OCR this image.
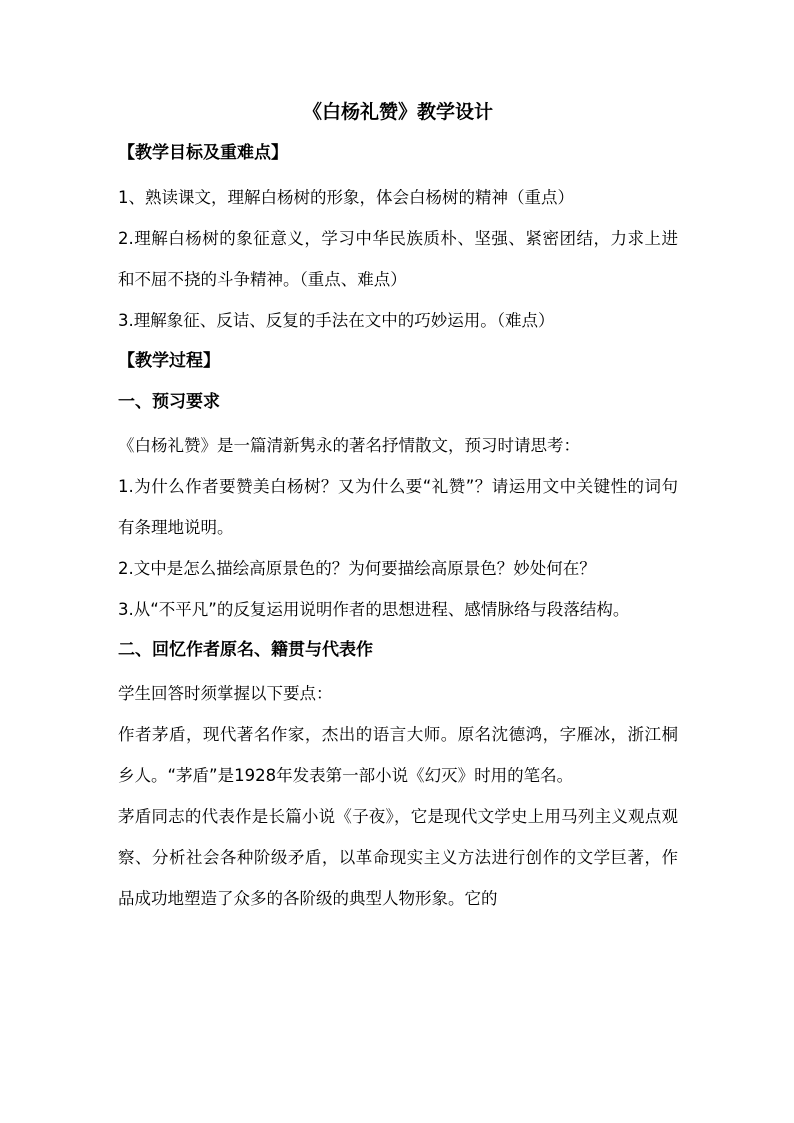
《白杨礼赞》教学设计
【教学目标及重难点】
1、熟读课文，理解白杨树的形象，体会白杨树的精神（重点）
2.理解白杨树的象征意义，学习中华民族质朴、坚强、紧密团结，力求上进和不屈不挠的斗争精神。（重点、难点）
3.理解象征、反诘、反复的手法在文中的巧妙运用。（难点）
【教学过程】
一、预习要求
《白杨礼赞》是一篇清新隽永的著名抒情散文，预习时请思考：
1.为什么作者要赞美白杨树？又为什么要“礼赞”？请运用文中关键性的词句有条理地说明。
2.文中是怎么描绘高原景色的？为何要描绘高原景色？妙处何在？
3.从“不平凡”的反复运用说明作者的思想进程、感情脉络与段落结构。
二、回忆作者原名、籍贯与代表作
学生回答时须掌握以下要点：
作者茅盾，现代著名作家，杰出的语言大师。原名沈德鸿，字雁冰，浙江桐乡人。“茅盾”是1928年发表第一部小说《幻灭》时用的笔名。
茅盾同志的代表作是长篇小说《子夜》，它是现代文学史上用马列主义观点观察、分析社会各种阶级矛盾，以革命现实主义方法进行创作的文学巨著，作品成功地塑造了众多的各阶级的典型人物形象。它的
